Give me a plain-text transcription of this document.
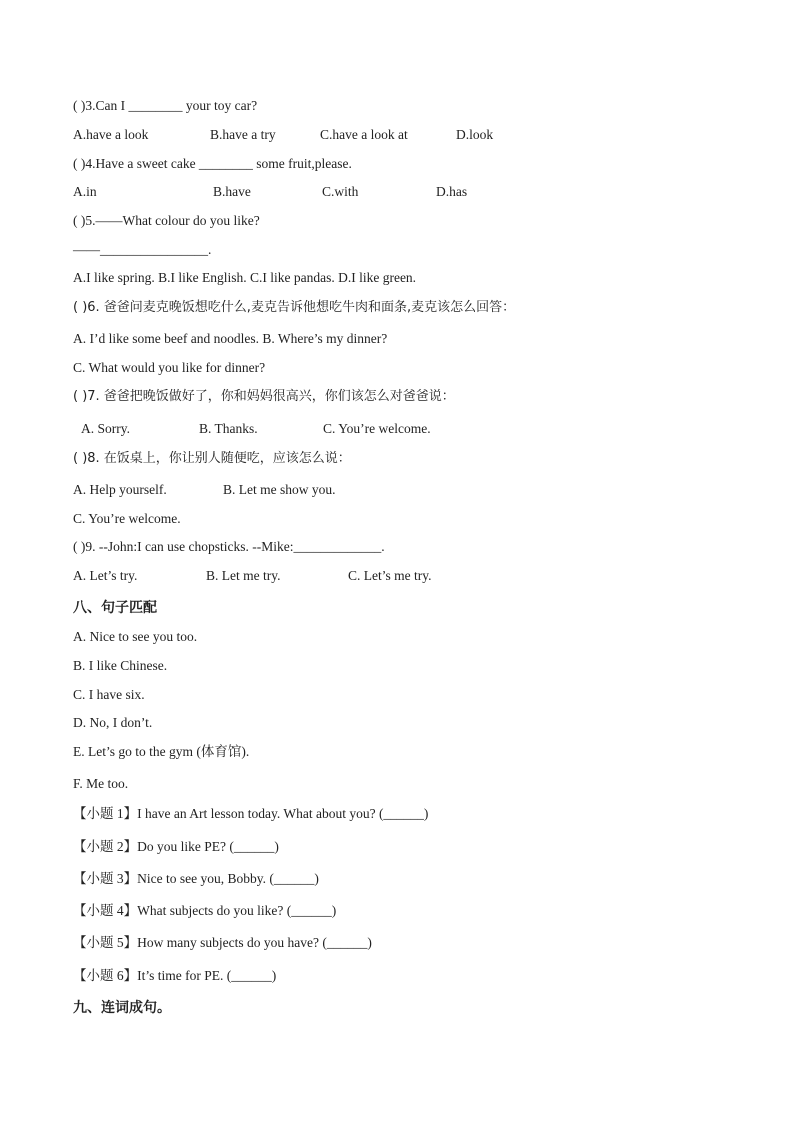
( )3.Can I ________ your toy car?
A.have a look	B.have a try	C.have a look at	D.look
( )4.Have a sweet cake ________ some fruit,please.
A.in	B.have	C.with	D.has
( )5.——What colour do you like?
——________________.
A.I like spring. B.I like English. C.I like pandas. D.I like green.
( )6. 爸爸问麦克晚饭想吃什么,麦克告诉他想吃牛肉和面条,麦克该怎么回答：
A. I’d like some beef and noodles. B. Where’s my dinner?
C. What would you like for dinner?
( )7. 爸爸把晚饭做好了，你和妈妈很高兴，你们该怎么对爸爸说：
A. Sorry.	B. Thanks.	C. You’re welcome.
( )8. 在饭桌上，你让别人随便吃，应该怎么说：
A. Help yourself.	B. Let me show you.
C. You’re welcome.
( )9. --John:I can use chopsticks. --Mike:_____________.
A. Let’s try.	B. Let me try.	C. Let’s me try.
八、句子匹配
A. Nice to see you too.
B. I like Chinese.
C. I have six.
D. No, I don’t.
E. Let’s go to the gym (体育馆).
F. Me too.
【小题 1】I have an Art lesson today. What about you? (______)
【小题 2】Do you like PE? (______)
【小题 3】Nice to see you, Bobby. (______)
【小题 4】What subjects do you like? (______)
【小题 5】How many subjects do you have? (______)
【小题 6】It’s time for PE. (______)
九、连词成句。
